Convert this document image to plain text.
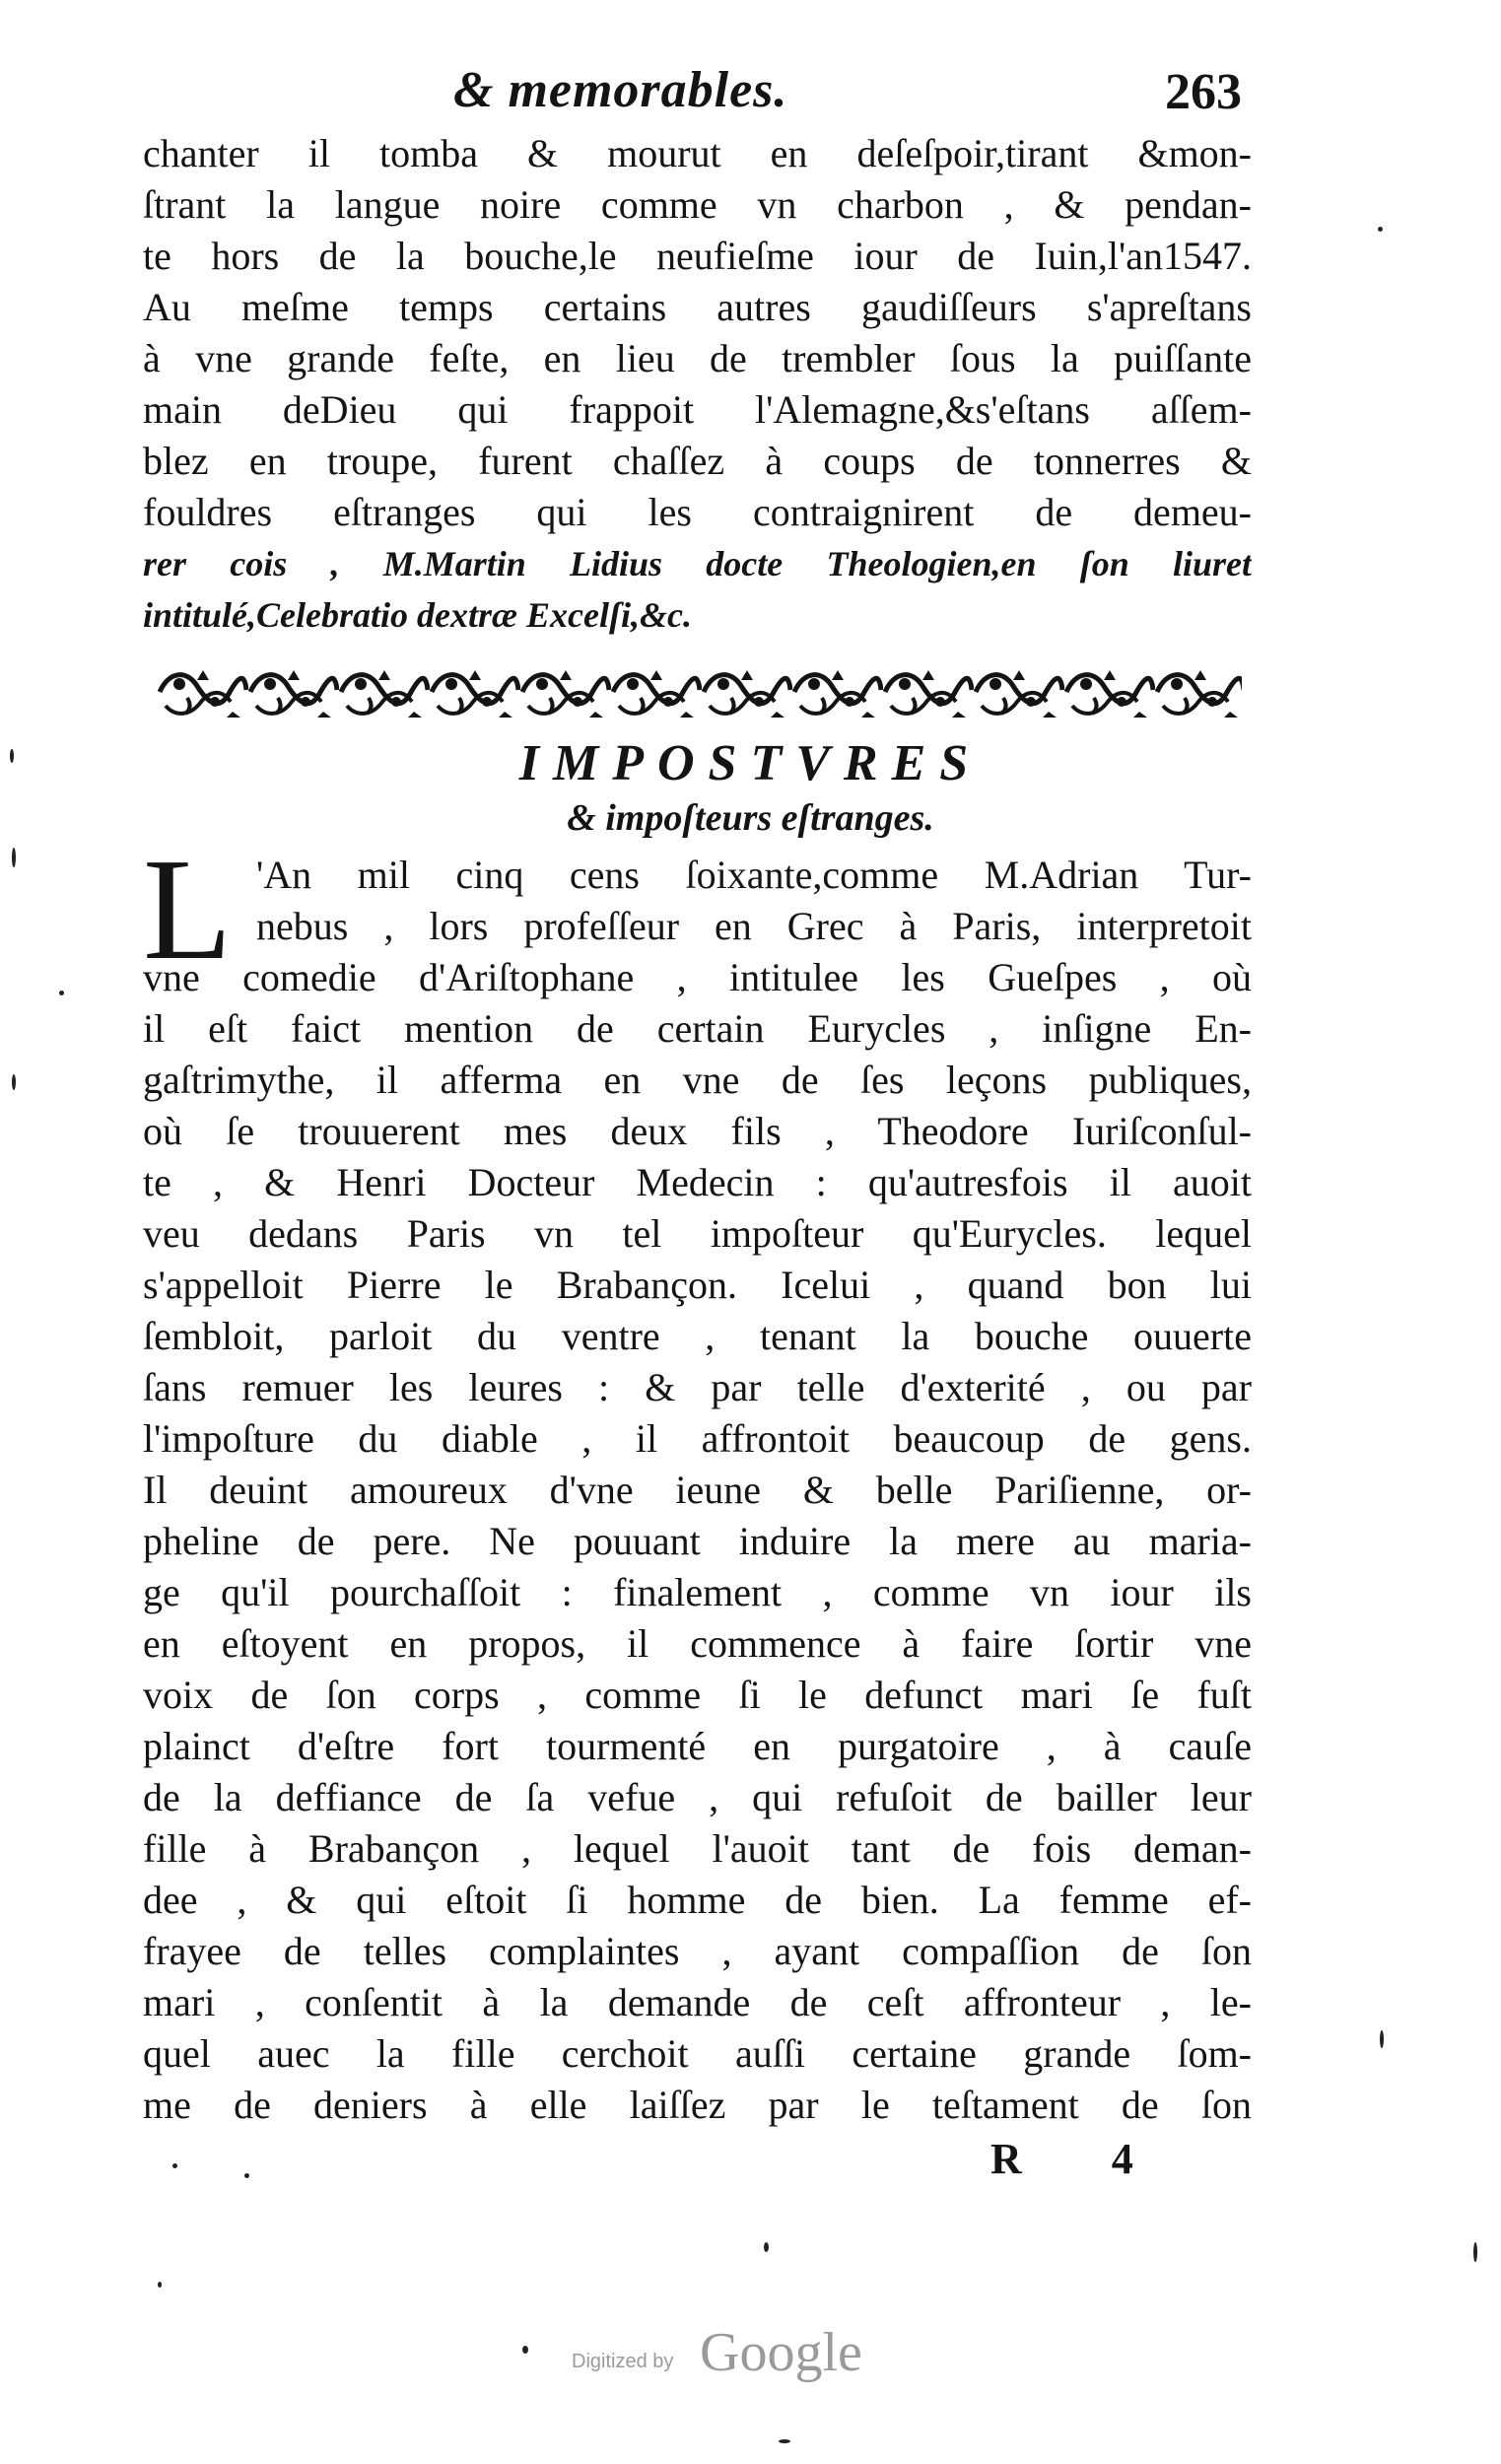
& memorables.	263
chanter il tomba & mourut en deſeſpoir,tirant &mon-
ſtrant la langue noire comme vn charbon , & pendan-
te hors de la bouche,le neufieſme iour de Iuin,l'an1547.
Au meſme temps certains autres gaudiſſeurs s'apreſtans
à vne grande feſte, en lieu de trembler ſous la puiſſante
main deDieu qui frappoit l'Alemagne,&s'eſtans aſſem-
blez en troupe, furent chaſſez à coups de tonnerres &
fouldres eſtranges qui les contraignirent de demeu-
rer cois , M.Martin Lidius docte Theologien,en ſon liuret
intitulé,Celebratio dextræ Excelſi,&c.
IMPOSTVRES
& impoſteurs eſtranges.
L 'An mil cinq cens ſoixante,comme M.Adrian Tur-
nebus , lors profeſſeur en Grec à Paris, interpretoit
vne comedie d'Ariſtophane , intitulee les Gueſpes , où
il eſt faict mention de certain Eurycles , inſigne En-
gaſtrimythe, il afferma en vne de ſes leçons publiques,
où ſe trouuerent mes deux fils , Theodore Iuriſconſul-
te , & Henri Docteur Medecin : qu'autresfois il auoit
veu dedans Paris vn tel impoſteur qu'Eurycles. lequel
s'appelloit Pierre le Brabançon. Icelui , quand bon lui
ſembloit, parloit du ventre , tenant la bouche ouuerte
ſans remuer les leures : & par telle d'exterité , ou par
l'impoſture du diable , il affrontoit beaucoup de gens.
Il deuint amoureux d'vne ieune & belle Pariſienne, or-
pheline de pere. Ne pouuant induire la mere au maria-
ge qu'il pourchaſſoit : finalement , comme vn iour ils
en eſtoyent en propos, il commence à faire ſortir vne
voix de ſon corps , comme ſi le defunct mari ſe fuſt
plainct d'eſtre fort tourmenté en purgatoire , à cauſe
de la deffiance de ſa vefue , qui refuſoit de bailler leur
fille à Brabançon , lequel l'auoit tant de fois deman-
dee , & qui eſtoit ſi homme de bien. La femme ef-
frayee de telles complaintes , ayant compaſſion de ſon
mari , conſentit à la demande de ceſt affronteur , le-
quel auec la fille cerchoit auſſi certaine grande ſom-
me de deniers à elle laiſſez par le teſtament de ſon
R 4
Digitized by Google
